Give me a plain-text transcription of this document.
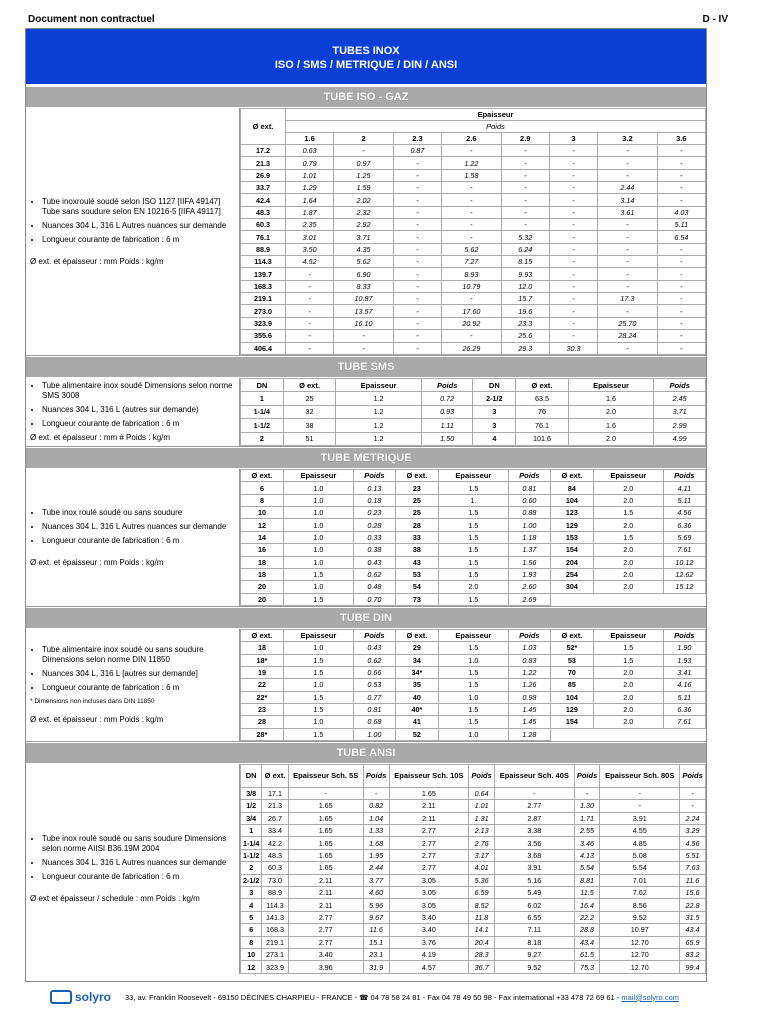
Document non contractuel	D - IV
TUBES INOX
ISO / SMS / METRIQUE / DIN / ANSI
TUBE ISO - GAZ
• Tube inoxroulé soudé selon ISO 1127 [IIFA 49147] Tube sans soudure selon EN 10216-5 [IIFA 49117]
• Nuances 304 L, 316 L Autres nuances sur demande
• Longueur courante de fabrication : 6 m
Ø ext. et épaisseur : mm Poids : kg/m
Ø ext.	Epaisseur							
	Poids							
	1.6	2	2.3	2.6	2.9	3	3.2	3.6
17.2	0.63	-	0.87	-	-	-	-	-
21.3	0.79	0.97	-	1.22	-	-	-	-
26.9	1.01	1.25	-	1.58	-	-	-	-
33.7	1.29	1.59	-	-	-	-	2.44	-
42.4	1.64	2.02	-	-	-	-	3.14	-
48.3	1.87	2.32	-	-	-	-	3.61	4.03
60.3	2.35	2.92	-	-	-	-	-	5.11
76.1	3.01	3.71	-	-	5.32	-	-	6.54
88.9	3.50	4.35	-	5.62	6.24	-	-	-
114.3	4.52	5.62	-	7.27	8.15	-	-	-
139.7	-	6.90	-	8.93	9.93	-	-	-
168.3	-	8.33	-	10.79	12.0	-	-	-
219.1	-	10.87	-	-	15.7	-	17.3	-
273.0	-	13.57	-	17.60	19.6	-	-	-
323.9	-	16.10	-	20.92	23.3	-	25.70	-
355.6	-	-	-	-	25.6	-	28.24	-
406.4	-	-	-	26.29	29.3	30.3	-	-
TUBE SMS
• Tube alimentaire inox soudé Dimensions selon norme SMS 3008
• Nuances 304 L, 316 L (autres sur demande)
• Longueur courante de fabrication : 6 m
Ø ext. et épaisseur : mm # Poids : kg/m
DN	Ø ext.	Epaisseur	Poids	DN	Ø ext.	Epaisseur	Poids
1	25	1.2	0.72	2-1/2	63.5	1.6	2.45
1-1/4	32	1.2	0.93	3	76	2.0	3.71
1-1/2	38	1.2	1.11	3	76.1	1.6	2.99
2	51	1.2	1.50	4	101.6	2.0	4.99
TUBE METRIQUE
• Tube inox roulé soudé ou sans soudure
• Nuances 304 L, 316 L Autres nuances sur demande
• Longueur courante de fabrication : 6 m
Ø ext. et épaisseur : mm Poids : kg/m
Ø ext.	Epaisseur	Poids	Ø ext.	Epaisseur	Poids	Ø ext.	Epaisseur	Poids
6	1.0	0.13	23	1.5	0.81	84	2.0	4.11
8	1.0	0.18	25	1.	0.60	104	2.0	5.11
10	1.0	0.23	25	1.5	0.88	123	1.5	4.56
12	1.0	0.28	28	1.5	1.00	129	2.0	6.36
14	1.0	0.33	33	1.5	1.18	153	1.5	5.69
16	1.0	0.38	38	1.5	1.37	154	2.0	7.61
18	1.0	0.43	43	1.5	1.56	204	2.0	10.12
18	1.5	0.62	53	1.5	1.93	254	2.0	12.62
20	1.0	0.48	54	2.0	2.60	304	2.0	15.12
20	1.5	0.70	73	1.5	2.69			
TUBE DIN
• Tube alimentaire inox soudé ou sans soudure Dimensions selon norme DIN 11850
• Nuances 304 L, 316 L [autres sur demande]
• Longueur courante de fabrication : 6 m
* Dimensions non incluses dans DIN 11850
Ø ext. et épaisseur : mm Poids : kg/m
Ø ext.	Epaisseur	Poids	Ø ext.	Epaisseur	Poids	Ø ext.	Epaisseur	Poids
18	1.0	0.43	29	1.5	1.03	52*	1.5	1.90
18*	1.5	0.62	34	1.0	0.83	53	1.5	1.93
19	1.5	0.66	34*	1.5	1.22	70	2.0	3.41
22	1.0	0.53	35	1.5	1.26	85	2.0	4.16
22*	1.5	0.77	40	1.0	0.98	104	2.0	5.11
23	1.5	0.81	40*	1.5	1.45	129	2.0	6.36
28	1.0	0.68	41	1.5	1.45	154	2.0	7.61
28*	1.5	1.00	52	1.0	1.28			
TUBE ANSI
• Tube inox roulé soudé ou sans soudure Dimensions selon norme AIISI B36.19M 2004
• Nuances 304 L, 316 L Autres nuances sur demande
• Longueur courante de fabrication : 6 m
Ø ext et épaisseur / schedule : mm Poids : kg/m
DN	Ø ext.	Epaisseur Sch. 5S	Poids	Epaisseur Sch. 10S	Poids	Epaisseur Sch. 40S	Poids	Epaisseur Sch. 80S	Poids
3/8	17.1	-	-	1.65	0.64	-	-	-	-
1/2	21.3	1.65	0.82	2.11	1.01	2.77	1.30	-	-
3/4	26.7	1.65	1.04	2.11	1.31	2.87	1.71	3.91	2.24
1	33.4	1.65	1.33	2.77	2.13	3.38	2.55	4.55	3.29
1-1/4	42.2	1.65	1.68	2.77	2.76	3.56	3.46	4.85	4.56
1-1/2	48.3	1.65	1.95	2.77	3.17	3.68	4.13	5.08	5.51
2	60.3	1.65	2.44	2.77	4.01	3.91	5.54	5.54	7.63
2-1/2	73.0	2.11	3.77	3.05	5.36	5.16	8.81	7.01	11.6
3	88.9	2.11	4.60	3.05	6.59	5.49	11.5	7.62	15.6
4	114.3	2.11	5.96	3.05	8.52	6.02	16.4	8.56	22.8
5	141.3	2.77	9.67	3.40	11.8	6.55	22.2	9.52	31.5
6	168.3	2.77	11.6	3.40	14.1	7.11	28.8	10.97	43.4
8	219.1	2.77	15.1	3.76	20.4	8.18	43.4	12.70	65.9
10	273.1	3.40	23.1	4.19	28.3	9.27	61.5	12.70	83.2
12	323.9	3.96	31.9	4.57	36.7	9.52	75.3	12.70	99.4
solyro 33, av. Franklin Roosevelt - 69150 DÉCINES CHARPIEU - FRANCE - ☎ 04 78 58 24 81 - Fax 04 78 49 50 98 - Fax international +33 478 72 69 61 - mail@solyro.com
